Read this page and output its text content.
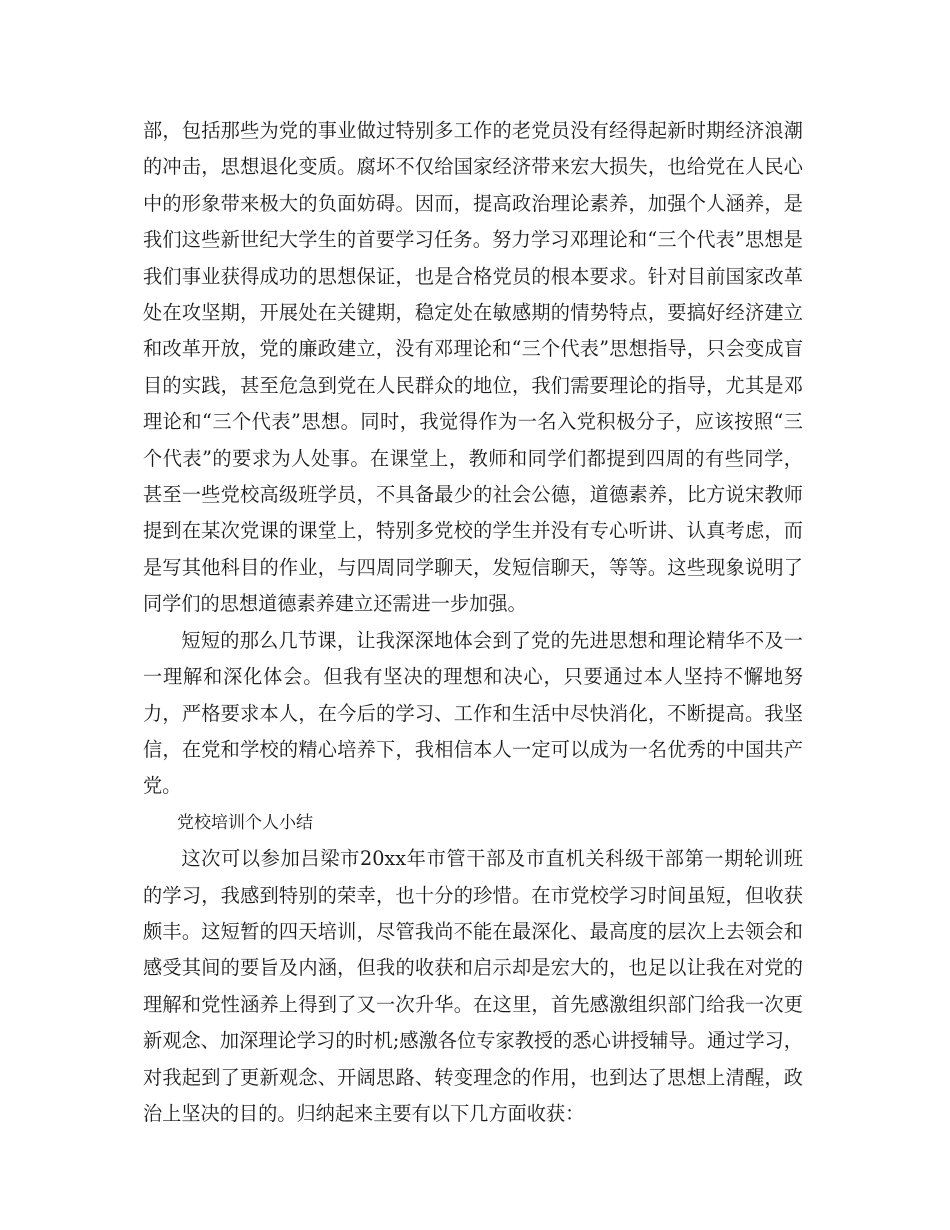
部，包括那些为党的事业做过特别多工作的老党员没有经得起新时期经济浪潮的冲击，思想退化变质。腐坏不仅给国家经济带来宏大损失，也给党在人民心中的形象带来极大的负面妨碍。因而，提高政治理论素养，加强个人涵养，是我们这些新世纪大学生的首要学习任务。努力学习邓理论和“三个代表”思想是我们事业获得成功的思想保证，也是合格党员的根本要求。针对目前国家改革处在攻坚期，开展处在关键期，稳定处在敏感期的情势特点，要搞好经济建立和改革开放，党的廉政建立，没有邓理论和“三个代表”思想指导，只会变成盲目的实践，甚至危急到党在人民群众的地位，我们需要理论的指导，尤其是邓理论和“三个代表”思想。同时，我觉得作为一名入党积极分子，应该按照“三个代表”的要求为人处事。在课堂上，教师和同学们都提到四周的有些同学，甚至一些党校高级班学员，不具备最少的社会公德，道德素养，比方说宋教师提到在某次党课的课堂上，特别多党校的学生并没有专心听讲、认真考虑，而是写其他科目的作业，与四周同学聊天，发短信聊天，等等。这些现象说明了同学们的思想道德素养建立还需进一步加强。

短短的那么几节课，让我深深地体会到了党的先进思想和理论精华不及一一理解和深化体会。但我有坚决的理想和决心，只要通过本人坚持不懈地努力，严格要求本人，在今后的学习、工作和生活中尽快消化，不断提高。我坚信，在党和学校的精心培养下，我相信本人一定可以成为一名优秀的中国共产党。

党校培训个人小结

这次可以参加吕梁市20xx年市管干部及市直机关科级干部第一期轮训班的学习，我感到特别的荣幸，也十分的珍惜。在市党校学习时间虽短，但收获颇丰。这短暂的四天培训，尽管我尚不能在最深化、最高度的层次上去领会和感受其间的要旨及内涵，但我的收获和启示却是宏大的，也足以让我在对党的理解和党性涵养上得到了又一次升华。在这里，首先感激组织部门给我一次更新观念、加深理论学习的时机;感激各位专家教授的悉心讲授辅导。通过学习，对我起到了更新观念、开阔思路、转变理念的作用，也到达了思想上清醒，政治上坚决的目的。归纳起来主要有以下几方面收获：
